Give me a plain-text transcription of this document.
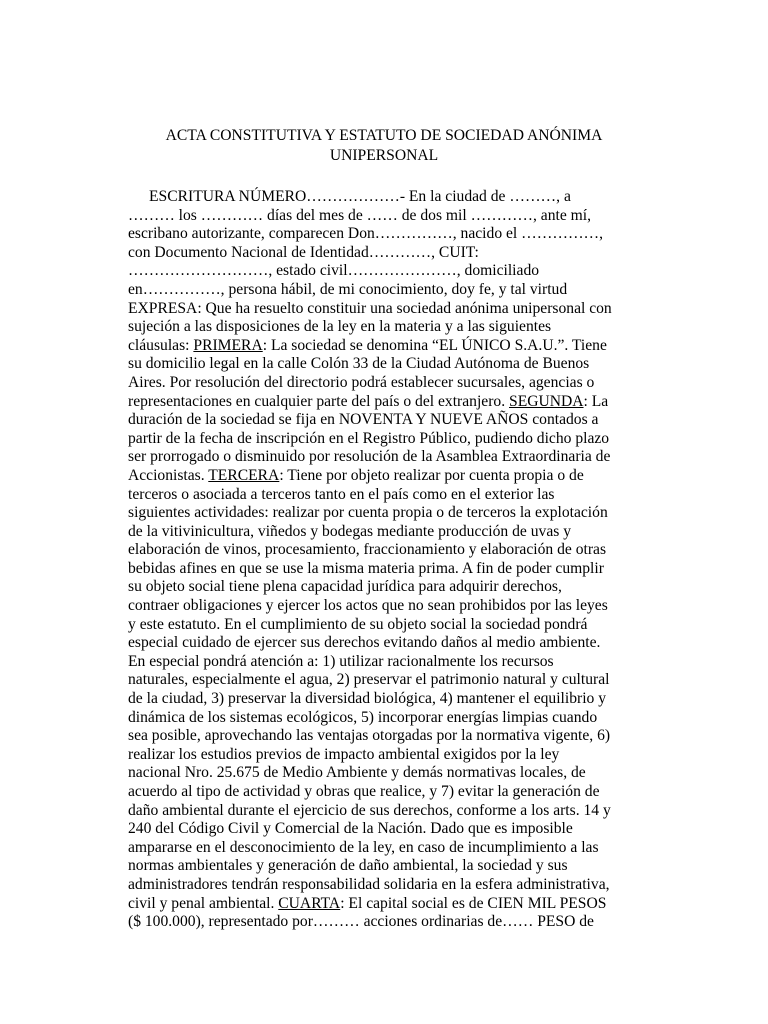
ACTA CONSTITUTIVA Y ESTATUTO DE SOCIEDAD ANÓNIMA
UNIPERSONAL
ESCRITURA NÚMERO………………- En la ciudad de ………, a
……… los ………… días del mes de …… de dos mil …………, ante mí,
escribano autorizante, comparecen Don……………, nacido el ……………,
con Documento Nacional de Identidad…………, CUIT:
………………………, estado civil…………………, domiciliado
en……………, persona hábil, de mi conocimiento, doy fe, y tal virtud
EXPRESA: Que ha resuelto constituir una sociedad anónima unipersonal con
sujeción a las disposiciones de la ley en la materia y a las siguientes
cláusulas: PRIMERA: La sociedad se denomina “EL ÚNICO S.A.U.”. Tiene
su domicilio legal en la calle Colón 33 de la Ciudad Autónoma de Buenos
Aires. Por resolución del directorio podrá establecer sucursales, agencias o
representaciones en cualquier parte del país o del extranjero. SEGUNDA: La
duración de la sociedad se fija en NOVENTA Y NUEVE AÑOS contados a
partir de la fecha de inscripción en el Registro Público, pudiendo dicho plazo
ser prorrogado o disminuido por resolución de la Asamblea Extraordinaria de
Accionistas. TERCERA: Tiene por objeto realizar por cuenta propia o de
terceros o asociada a terceros tanto en el país como en el exterior las
siguientes actividades: realizar por cuenta propia o de terceros la explotación
de la vitivinicultura, viñedos y bodegas mediante producción de uvas y
elaboración de vinos, procesamiento, fraccionamiento y elaboración de otras
bebidas afines en que se use la misma materia prima. A fin de poder cumplir
su objeto social tiene plena capacidad jurídica para adquirir derechos,
contraer obligaciones y ejercer los actos que no sean prohibidos por las leyes
y este estatuto. En el cumplimiento de su objeto social la sociedad pondrá
especial cuidado de ejercer sus derechos evitando daños al medio ambiente.
En especial pondrá atención a: 1) utilizar racionalmente los recursos
naturales, especialmente el agua, 2) preservar el patrimonio natural y cultural
de la ciudad, 3) preservar la diversidad biológica, 4) mantener el equilibrio y
dinámica de los sistemas ecológicos, 5) incorporar energías limpias cuando
sea posible, aprovechando las ventajas otorgadas por la normativa vigente, 6)
realizar los estudios previos de impacto ambiental exigidos por la ley
nacional Nro. 25.675 de Medio Ambiente y demás normativas locales, de
acuerdo al tipo de actividad y obras que realice, y 7) evitar la generación de
daño ambiental durante el ejercicio de sus derechos, conforme a los arts. 14 y
240 del Código Civil y Comercial de la Nación. Dado que es imposible
ampararse en el desconocimiento de la ley, en caso de incumplimiento a las
normas ambientales y generación de daño ambiental, la sociedad y sus
administradores tendrán responsabilidad solidaria en la esfera administrativa,
civil y penal ambiental. CUARTA: El capital social es de CIEN MIL PESOS
($ 100.000), representado por……… acciones ordinarias de…… PESO de
